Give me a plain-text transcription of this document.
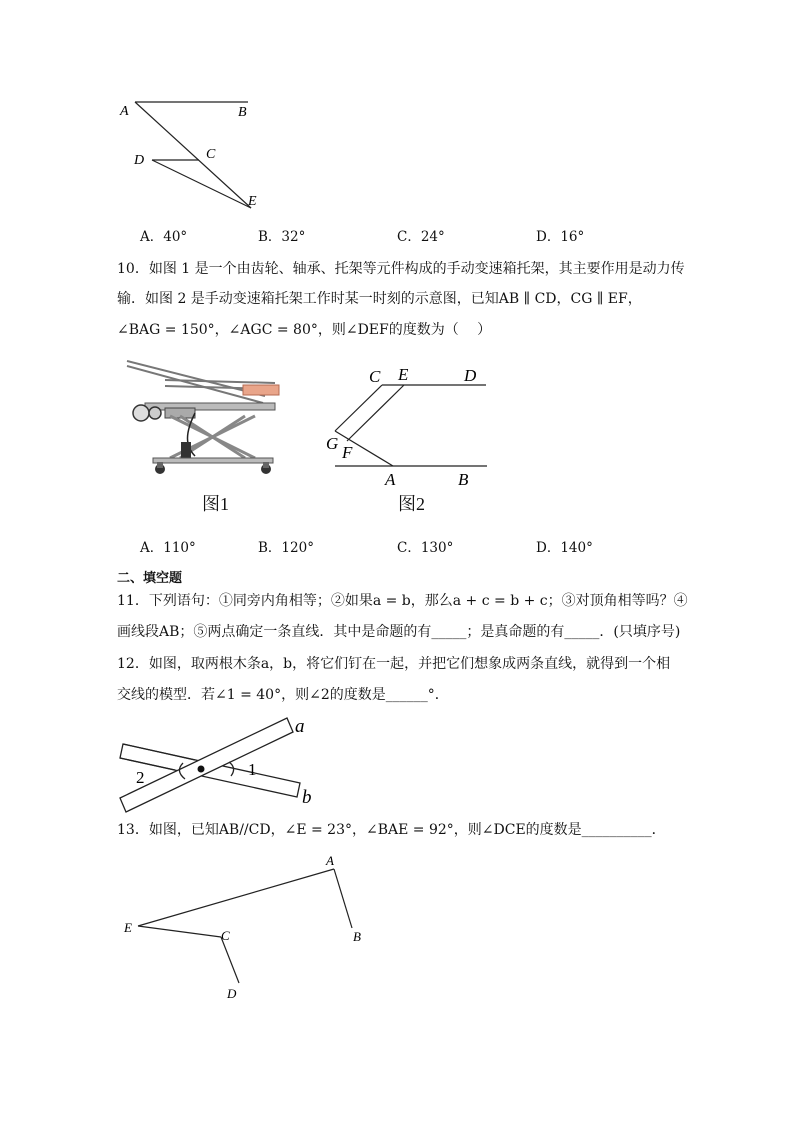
A	B
C
D
E
A．40°	B．32°	C．24°	D．16°
10．如图 1 是一个由齿轮、轴承、托架等元件构成的手动变速箱托架，其主要作用是动力传
输．如图 2 是手动变速箱托架工作时某一时刻的示意图，已知AB ∥ CD，CG ∥ EF，
∠BAG = 150°，∠AGC = 80°，则∠DEF的度数为（　 ）
图1
C E	D
G F
A	B
图2
A．110°	B．120°	C．130°	D．140°
二、填空题
11．下列语句：①同旁内角相等；②如果a = b，那么a + c = b + c；③对顶角相等吗？④
画线段AB；⑤两点确定一条直线．其中是命题的有_____；是真命题的有_____．(只填序号)
12．如图，取两根木条a，b，将它们钉在一起，并把它们想象成两条直线，就得到一个相
交线的模型．若∠1 = 40°，则∠2的度数是______°．
a
b
1
2
13．如图，已知AB//CD，∠E = 23°，∠BAE = 92°，则∠DCE的度数是__________．
A
B
C
D
E
